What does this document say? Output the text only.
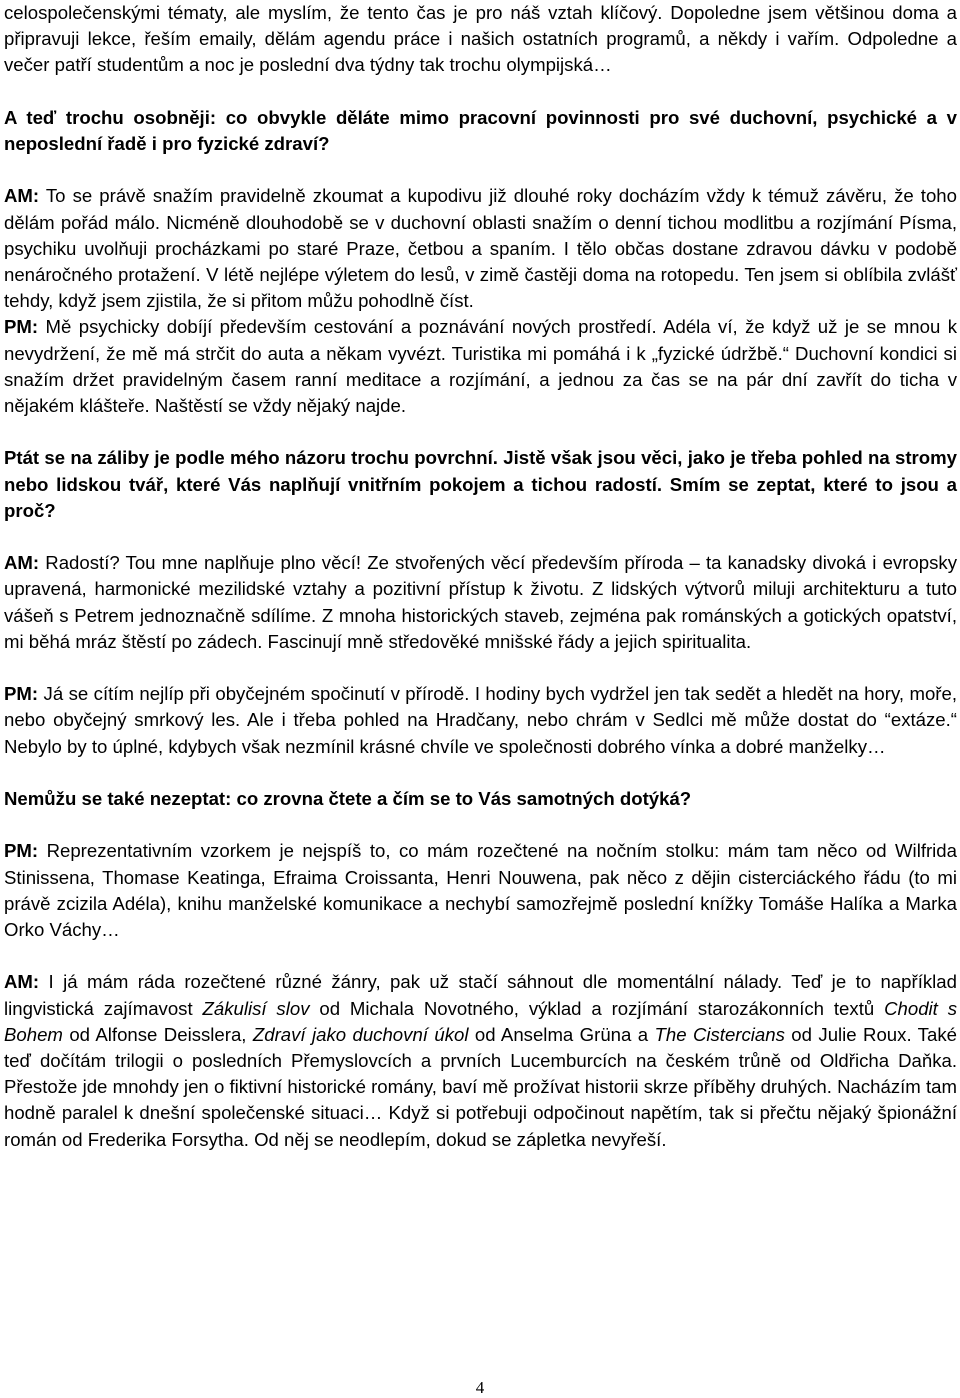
celospolečenskými tématy, ale myslím, že tento čas je pro náš vztah klíčový. Dopoledne jsem většinou doma a připravuji lekce, řeším emaily, dělám agendu práce i našich ostatních programů, a někdy i vařím. Odpoledne a večer patří studentům a noc je poslední dva týdny tak trochu olympijská…

A teď trochu osobněji: co obvykle děláte mimo pracovní povinnosti pro své duchovní, psychické a v neposlední řadě i pro fyzické zdraví?

AM: To se právě snažím pravidelně zkoumat a kupodivu již dlouhé roky docházím vždy k témuž závěru, že toho dělám pořád málo. Nicméně dlouhodobě se v duchovní oblasti snažím o denní tichou modlitbu a rozjímání Písma, psychiku uvolňuji procházkami po staré Praze, četbou a spaním. I tělo občas dostane zdravou dávku v podobě nenáročného protažení. V létě nejlépe výletem do lesů, v zimě častěji doma na rotopedu. Ten jsem si oblíbila zvlášť tehdy, když jsem zjistila, že si přitom můžu pohodlně číst.

PM: Mě psychicky dobíjí především cestování a poznávání nových prostředí. Adéla ví, že když už je se mnou k nevydržení, že mě má strčit do auta a někam vyvézt. Turistika mi pomáhá i k „fyzické údržbě.“ Duchovní kondici si snažím držet pravidelným časem ranní meditace a rozjímání, a jednou za čas se na pár dní zavřít do ticha v nějakém klášteře. Naštěstí se vždy nějaký najde.

Ptát se na záliby je podle mého názoru trochu povrchní. Jistě však jsou věci, jako je třeba pohled na stromy nebo lidskou tvář, které Vás naplňují vnitřním pokojem a tichou radostí. Smím se zeptat, které to jsou a proč?

AM: Radostí? Tou mne naplňuje plno věcí! Ze stvořených věcí především příroda – ta kanadsky divoká i evropsky upravená, harmonické mezilidské vztahy a pozitivní přístup k životu. Z lidských výtvorů miluji architekturu a tuto vášeň s Petrem jednoznačně sdílíme. Z mnoha historických staveb, zejména pak románských a gotických opatství, mi běhá mráz štěstí po zádech. Fascinují mně středověké mnišské řády a jejich spiritualita.

PM: Já se cítím nejlíp při obyčejném spočinutí v přírodě. I hodiny bych vydržel jen tak sedět a hledět na hory, moře, nebo obyčejný smrkový les. Ale i třeba pohled na Hradčany, nebo chrám v Sedlci mě může dostat do “extáze.“ Nebylo by to úplné, kdybych však nezmínil krásné chvíle ve společnosti dobrého vínka a dobré manželky…

Nemůžu se také nezeptat: co zrovna čtete a čím se to Vás samotných dotýká?

PM: Reprezentativním vzorkem je nejspíš to, co mám rozečtené na nočním stolku: mám tam něco od Wilfrida Stinissena, Thomase Keatinga, Efraima Croissanta, Henri Nouwena, pak něco z dějin cisterciáckého řádu (to mi právě zcizila Adéla), knihu manželské komunikace a nechybí samozřejmě poslední knížky Tomáše Halíka a Marka Orko Váchy…

AM: I já mám ráda rozečtené různé žánry, pak už stačí sáhnout dle momentální nálady. Teď je to například lingvistická zajímavost Zákulisí slov od Michala Novotného, výklad a rozjímání starozákonních textů Chodit s Bohem od Alfonse Deisslera, Zdraví jako duchovní úkol od Anselma Grüna a The Cistercians od Julie Roux. Také teď dočítám trilogii o posledních Přemyslovcích a prvních Lucemburcích na českém trůně od Oldřicha Daňka. Přestože jde mnohdy jen o fiktivní historické romány, baví mě prožívat historii skrze příběhy druhých. Nacházím tam hodně paralel k dnešní společenské situaci… Když si potřebuji odpočinout napětím, tak si přečtu nějaký špionážní román od Frederika Forsytha. Od něj se neodlepím, dokud se zápletka nevyřeší.

4
